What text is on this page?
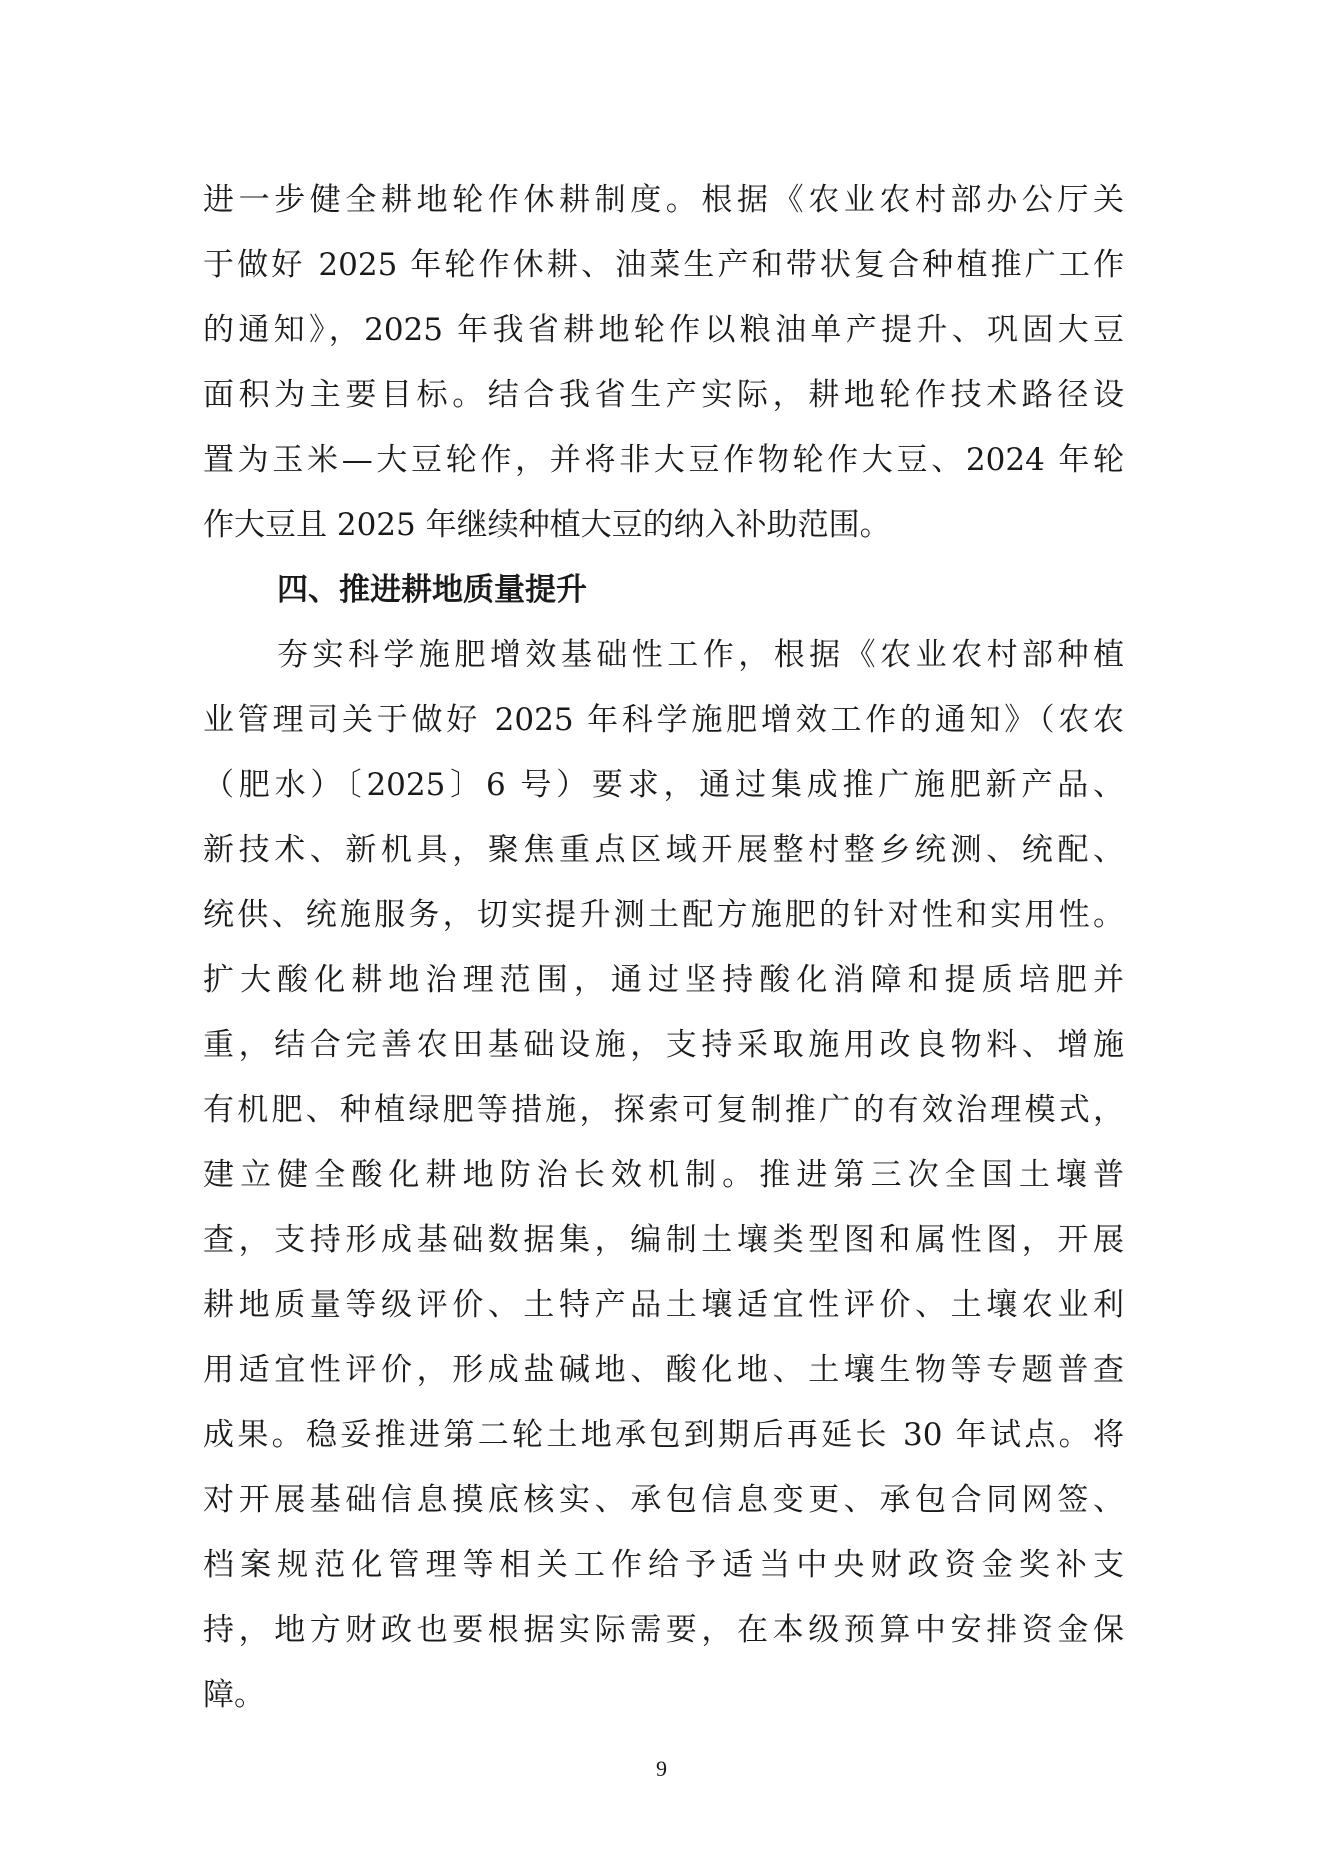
进一步健全耕地轮作休耕制度。根据《农业农村部办公厅关
于做好 2025 年轮作休耕、油菜生产和带状复合种植推广工作
的通知》，2025 年我省耕地轮作以粮油单产提升、巩固大豆
面积为主要目标。结合我省生产实际，耕地轮作技术路径设
置为玉米—大豆轮作，并将非大豆作物轮作大豆、2024 年轮
作大豆且 2025 年继续种植大豆的纳入补助范围。
四、推进耕地质量提升
夯实科学施肥增效基础性工作，根据《农业农村部种植
业管理司关于做好 2025 年科学施肥增效工作的通知》（农农
（肥水）〔2025〕6 号）要求，通过集成推广施肥新产品、
新技术、新机具，聚焦重点区域开展整村整乡统测、统配、
统供、统施服务，切实提升测土配方施肥的针对性和实用性。
扩大酸化耕地治理范围，通过坚持酸化消障和提质培肥并
重，结合完善农田基础设施，支持采取施用改良物料、增施
有机肥、种植绿肥等措施，探索可复制推广的有效治理模式，
建立健全酸化耕地防治长效机制。推进第三次全国土壤普
查，支持形成基础数据集，编制土壤类型图和属性图，开展
耕地质量等级评价、土特产品土壤适宜性评价、土壤农业利
用适宜性评价，形成盐碱地、酸化地、土壤生物等专题普查
成果。稳妥推进第二轮土地承包到期后再延长 30 年试点。将
对开展基础信息摸底核实、承包信息变更、承包合同网签、
档案规范化管理等相关工作给予适当中央财政资金奖补支
持，地方财政也要根据实际需要，在本级预算中安排资金保
障。
9
